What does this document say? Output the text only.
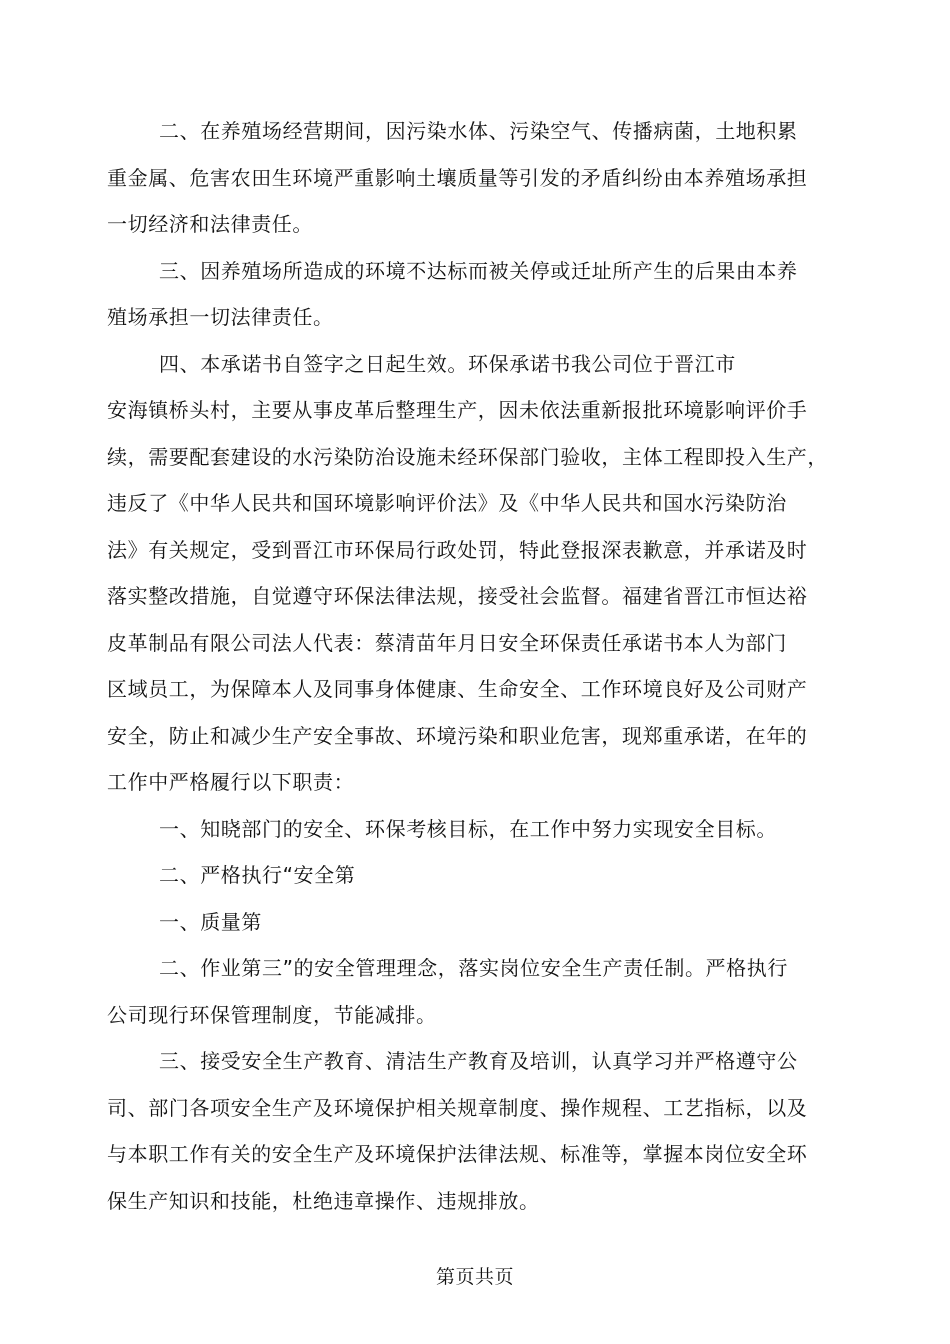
二、在养殖场经营期间，因污染水体、污染空气、传播病菌，土地积累
重金属、危害农田生环境严重影响土壤质量等引发的矛盾纠纷由本养殖场承担
一切经济和法律责任。
三、因养殖场所造成的环境不达标而被关停或迁址所产生的后果由本养
殖场承担一切法律责任。
四、本承诺书自签字之日起生效。环保承诺书我公司位于晋江市
安海镇桥头村，主要从事皮革后整理生产，因未依法重新报批环境影响评价手
续，需要配套建设的水污染防治设施未经环保部门验收，主体工程即投入生产，
违反了《中华人民共和国环境影响评价法》及《中华人民共和国水污染防治
法》有关规定，受到晋江市环保局行政处罚，特此登报深表歉意，并承诺及时
落实整改措施，自觉遵守环保法律法规，接受社会监督。福建省晋江市恒达裕
皮革制品有限公司法人代表：蔡清苗年月日安全环保责任承诺书本人为部门
区域员工，为保障本人及同事身体健康、生命安全、工作环境良好及公司财产
安全，防止和减少生产安全事故、环境污染和职业危害，现郑重承诺，在年的
工作中严格履行以下职责：
一、知晓部门的安全、环保考核目标，在工作中努力实现安全目标。
二、严格执行“安全第
一、质量第
二、作业第三”的安全管理理念，落实岗位安全生产责任制。严格执行
公司现行环保管理制度，节能减排。
三、接受安全生产教育、清洁生产教育及培训，认真学习并严格遵守公
司、部门各项安全生产及环境保护相关规章制度、操作规程、工艺指标，以及
与本职工作有关的安全生产及环境保护法律法规、标准等，掌握本岗位安全环
保生产知识和技能，杜绝违章操作、违规排放。
第页共页
